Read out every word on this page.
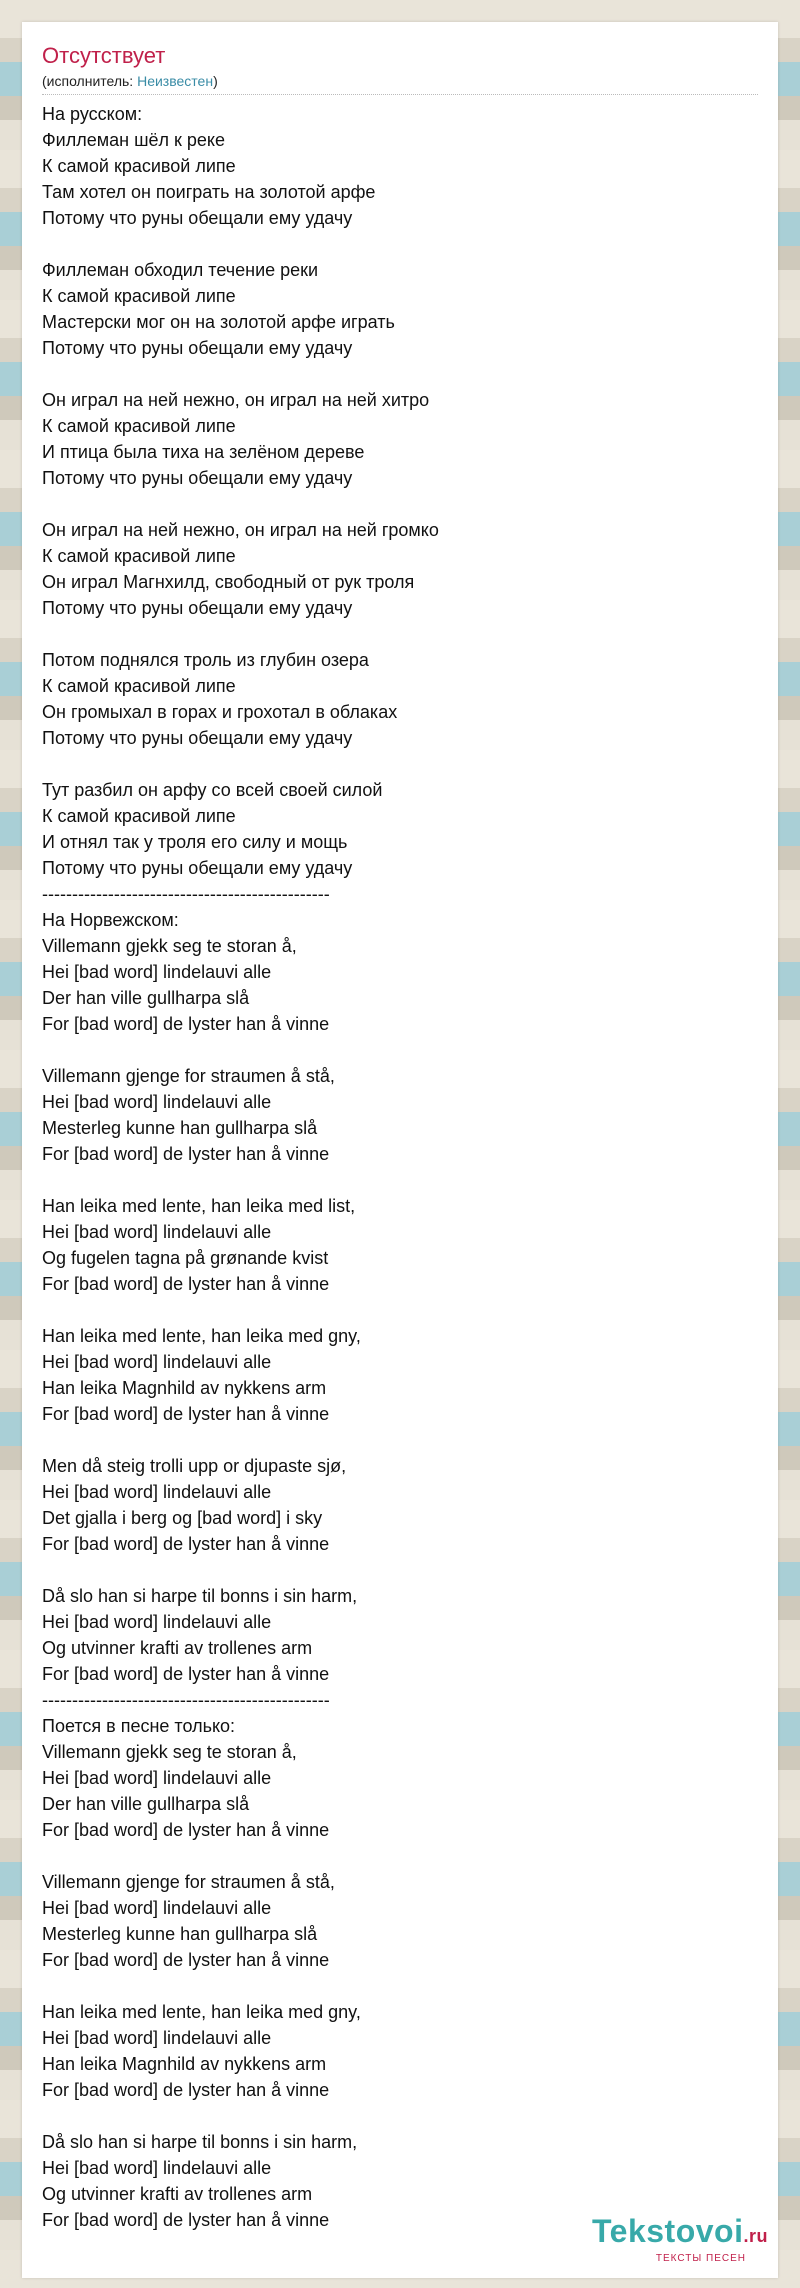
Отсутствует
(исполнитель: Неизвестен)
На русском:
Филлеман шёл к реке
К самой красивой липе
Там хотел он поиграть на золотой арфе
Потому что руны обещали ему удачу
Филлеман обходил течение реки
К самой красивой липе
Мастерски мог он на золотой арфе играть
Потому что руны обещали ему удачу
Он играл на ней нежно, он играл на ней хитро
К самой красивой липе
И птица была тиха на зелёном дереве
Потому что руны обещали ему удачу
Он играл на ней нежно, он играл на ней громко
К самой красивой липе
Он играл Магнхилд, свободный от рук троля
Потому что руны обещали ему удачу
Потом поднялся троль из глубин озера
К самой красивой липе
Он громыхал в горах и грохотал в облаках
Потому что руны обещали ему удачу
Тут разбил он арфу со всей своей силой
К самой красивой липе
И отнял так у троля его силу и мощь
Потому что руны обещали ему удачу
------------------------------------------------
На Норвежском:
Villemann gjekk seg te storan å,
Hei [bad word] lindelauvi alle
Der han ville gullharpa slå
For [bad word] de lyster han å vinne
Villemann gjenge for straumen å stå,
Hei [bad word] lindelauvi alle
Mesterleg kunne han gullharpa slå
For [bad word] de lyster han å vinne
Han leika med lente, han leika med list,
Hei [bad word] lindelauvi alle
Og fugelen tagna på grønande kvist
For [bad word] de lyster han å vinne
Han leika med lente, han leika med gny,
Hei [bad word] lindelauvi alle
Han leika Magnhild av nykkens arm
For [bad word] de lyster han å vinne
Men då steig trolli upp or djupaste sjø,
Hei [bad word] lindelauvi alle
Det gjalla i berg og [bad word] i sky
For [bad word] de lyster han å vinne
Då slo han si harpe til bonns i sin harm,
Hei [bad word] lindelauvi alle
Og utvinner krafti av trollenes arm
For [bad word] de lyster han å vinne
------------------------------------------------
Поется в песне только:
Villemann gjekk seg te storan å,
Hei [bad word] lindelauvi alle
Der han ville gullharpa slå
For [bad word] de lyster han å vinne
Villemann gjenge for straumen å stå,
Hei [bad word] lindelauvi alle
Mesterleg kunne han gullharpa slå
For [bad word] de lyster han å vinne
Han leika med lente, han leika med gny,
Hei [bad word] lindelauvi alle
Han leika Magnhild av nykkens arm
For [bad word] de lyster han å vinne
Då slo han si harpe til bonns i sin harm,
Hei [bad word] lindelauvi alle
Og utvinner krafti av trollenes arm
For [bad word] de lyster han å vinne	Tekstovoi.ru
ТЕКСТЫ ПЕСЕН
